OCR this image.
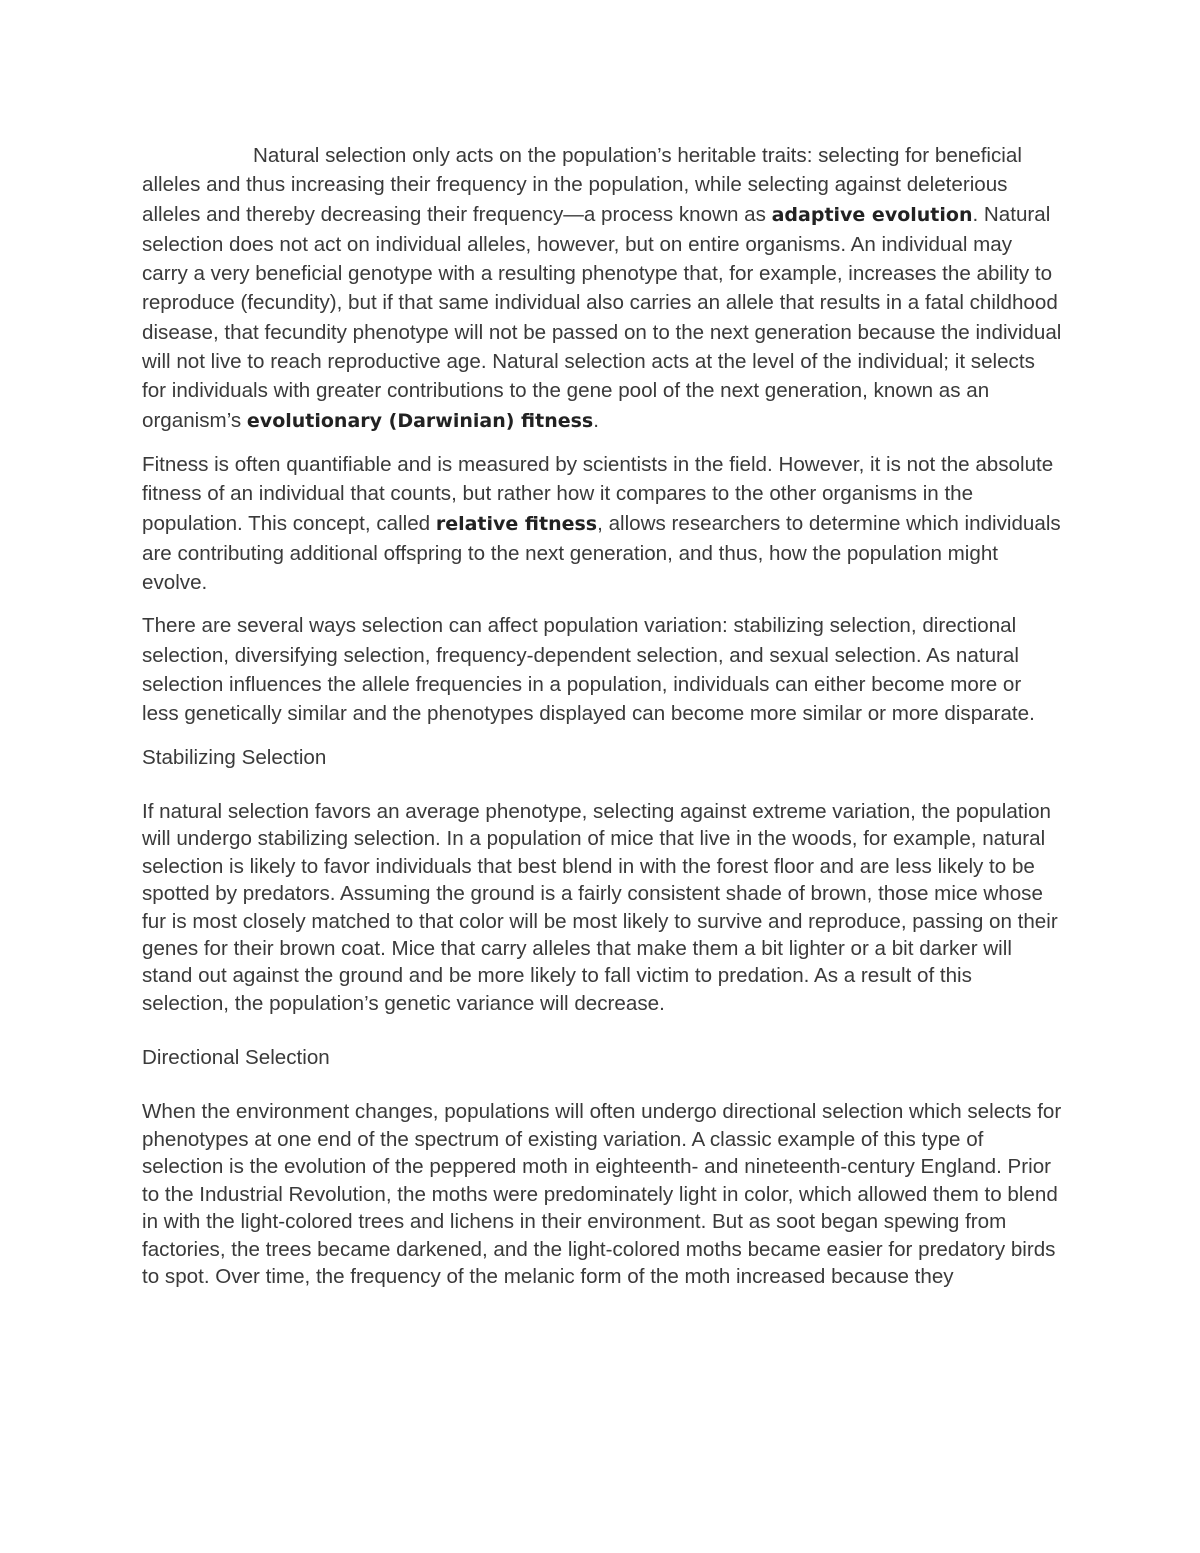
Natural selection only acts on the population’s heritable traits: selecting for beneficial alleles and thus increasing their frequency in the population, while selecting against deleterious alleles and thereby decreasing their frequency—a process known as adaptive evolution. Natural selection does not act on individual alleles, however, but on entire organisms. An individual may carry a very beneficial genotype with a resulting phenotype that, for example, increases the ability to reproduce (fecundity), but if that same individual also carries an allele that results in a fatal childhood disease, that fecundity phenotype will not be passed on to the next generation because the individual will not live to reach reproductive age. Natural selection acts at the level of the individual; it selects for individuals with greater contributions to the gene pool of the next generation, known as an organism’s evolutionary (Darwinian) fitness.

Fitness is often quantifiable and is measured by scientists in the field. However, it is not the absolute fitness of an individual that counts, but rather how it compares to the other organisms in the population. This concept, called relative fitness, allows researchers to determine which individuals are contributing additional offspring to the next generation, and thus, how the population might evolve.

There are several ways selection can affect population variation: stabilizing selection, directional selection, diversifying selection, frequency-dependent selection, and sexual selection. As natural selection influences the allele frequencies in a population, individuals can either become more or less genetically similar and the phenotypes displayed can become more similar or more disparate.

Stabilizing Selection

If natural selection favors an average phenotype, selecting against extreme variation, the population will undergo stabilizing selection. In a population of mice that live in the woods, for example, natural selection is likely to favor individuals that best blend in with the forest floor and are less likely to be spotted by predators. Assuming the ground is a fairly consistent shade of brown, those mice whose fur is most closely matched to that color will be most likely to survive and reproduce, passing on their genes for their brown coat. Mice that carry alleles that make them a bit lighter or a bit darker will stand out against the ground and be more likely to fall victim to predation. As a result of this selection, the population’s genetic variance will decrease.

Directional Selection

When the environment changes, populations will often undergo directional selection which selects for phenotypes at one end of the spectrum of existing variation. A classic example of this type of selection is the evolution of the peppered moth in eighteenth- and nineteenth-century England. Prior to the Industrial Revolution, the moths were predominately light in color, which allowed them to blend in with the light-colored trees and lichens in their environment. But as soot began spewing from factories, the trees became darkened, and the light-colored moths became easier for predatory birds to spot. Over time, the frequency of the melanic form of the moth increased because they
